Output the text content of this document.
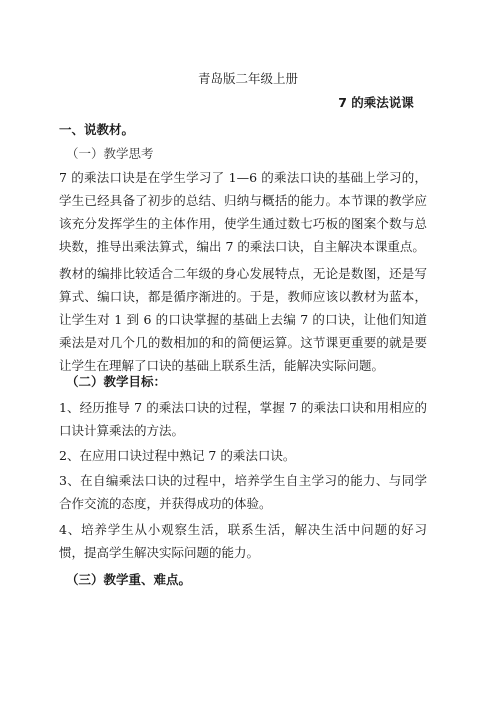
青岛版二年级上册
7 的乘法说课
一、说教材。
（一）教学思考

7 的乘法口诀是在学生学习了 1—6 的乘法口诀的基础上学习的，学生已经具备了初步的总结、归纳与概括的能力。本节课的教学应该充分发挥学生的主体作用，使学生通过数七巧板的图案个数与总块数，推导出乘法算式，编出 7 的乘法口诀，自主解决本课重点。

教材的编排比较适合二年级的身心发展特点，无论是数图，还是写算式、编口诀，都是循序渐进的。于是，教师应该以教材为蓝本，让学生对 1 到 6 的口诀掌握的基础上去编 7 的口诀，让他们知道乘法是对几个几的数相加的和的简便运算。这节课更重要的就是要让学生在理解了口诀的基础上联系生活，能解决实际问题。

（二）教学目标：

1、经历推导 7 的乘法口诀的过程，掌握 7 的乘法口诀和用相应的口诀计算乘法的方法。

2、在应用口诀过程中熟记 7 的乘法口诀。

3、在自编乘法口诀的过程中，培养学生自主学习的能力、与同学合作交流的态度，并获得成功的体验。

4、培养学生从小观察生活，联系生活，解决生活中问题的好习惯，提高学生解决实际问题的能力。

（三）教学重、难点。
